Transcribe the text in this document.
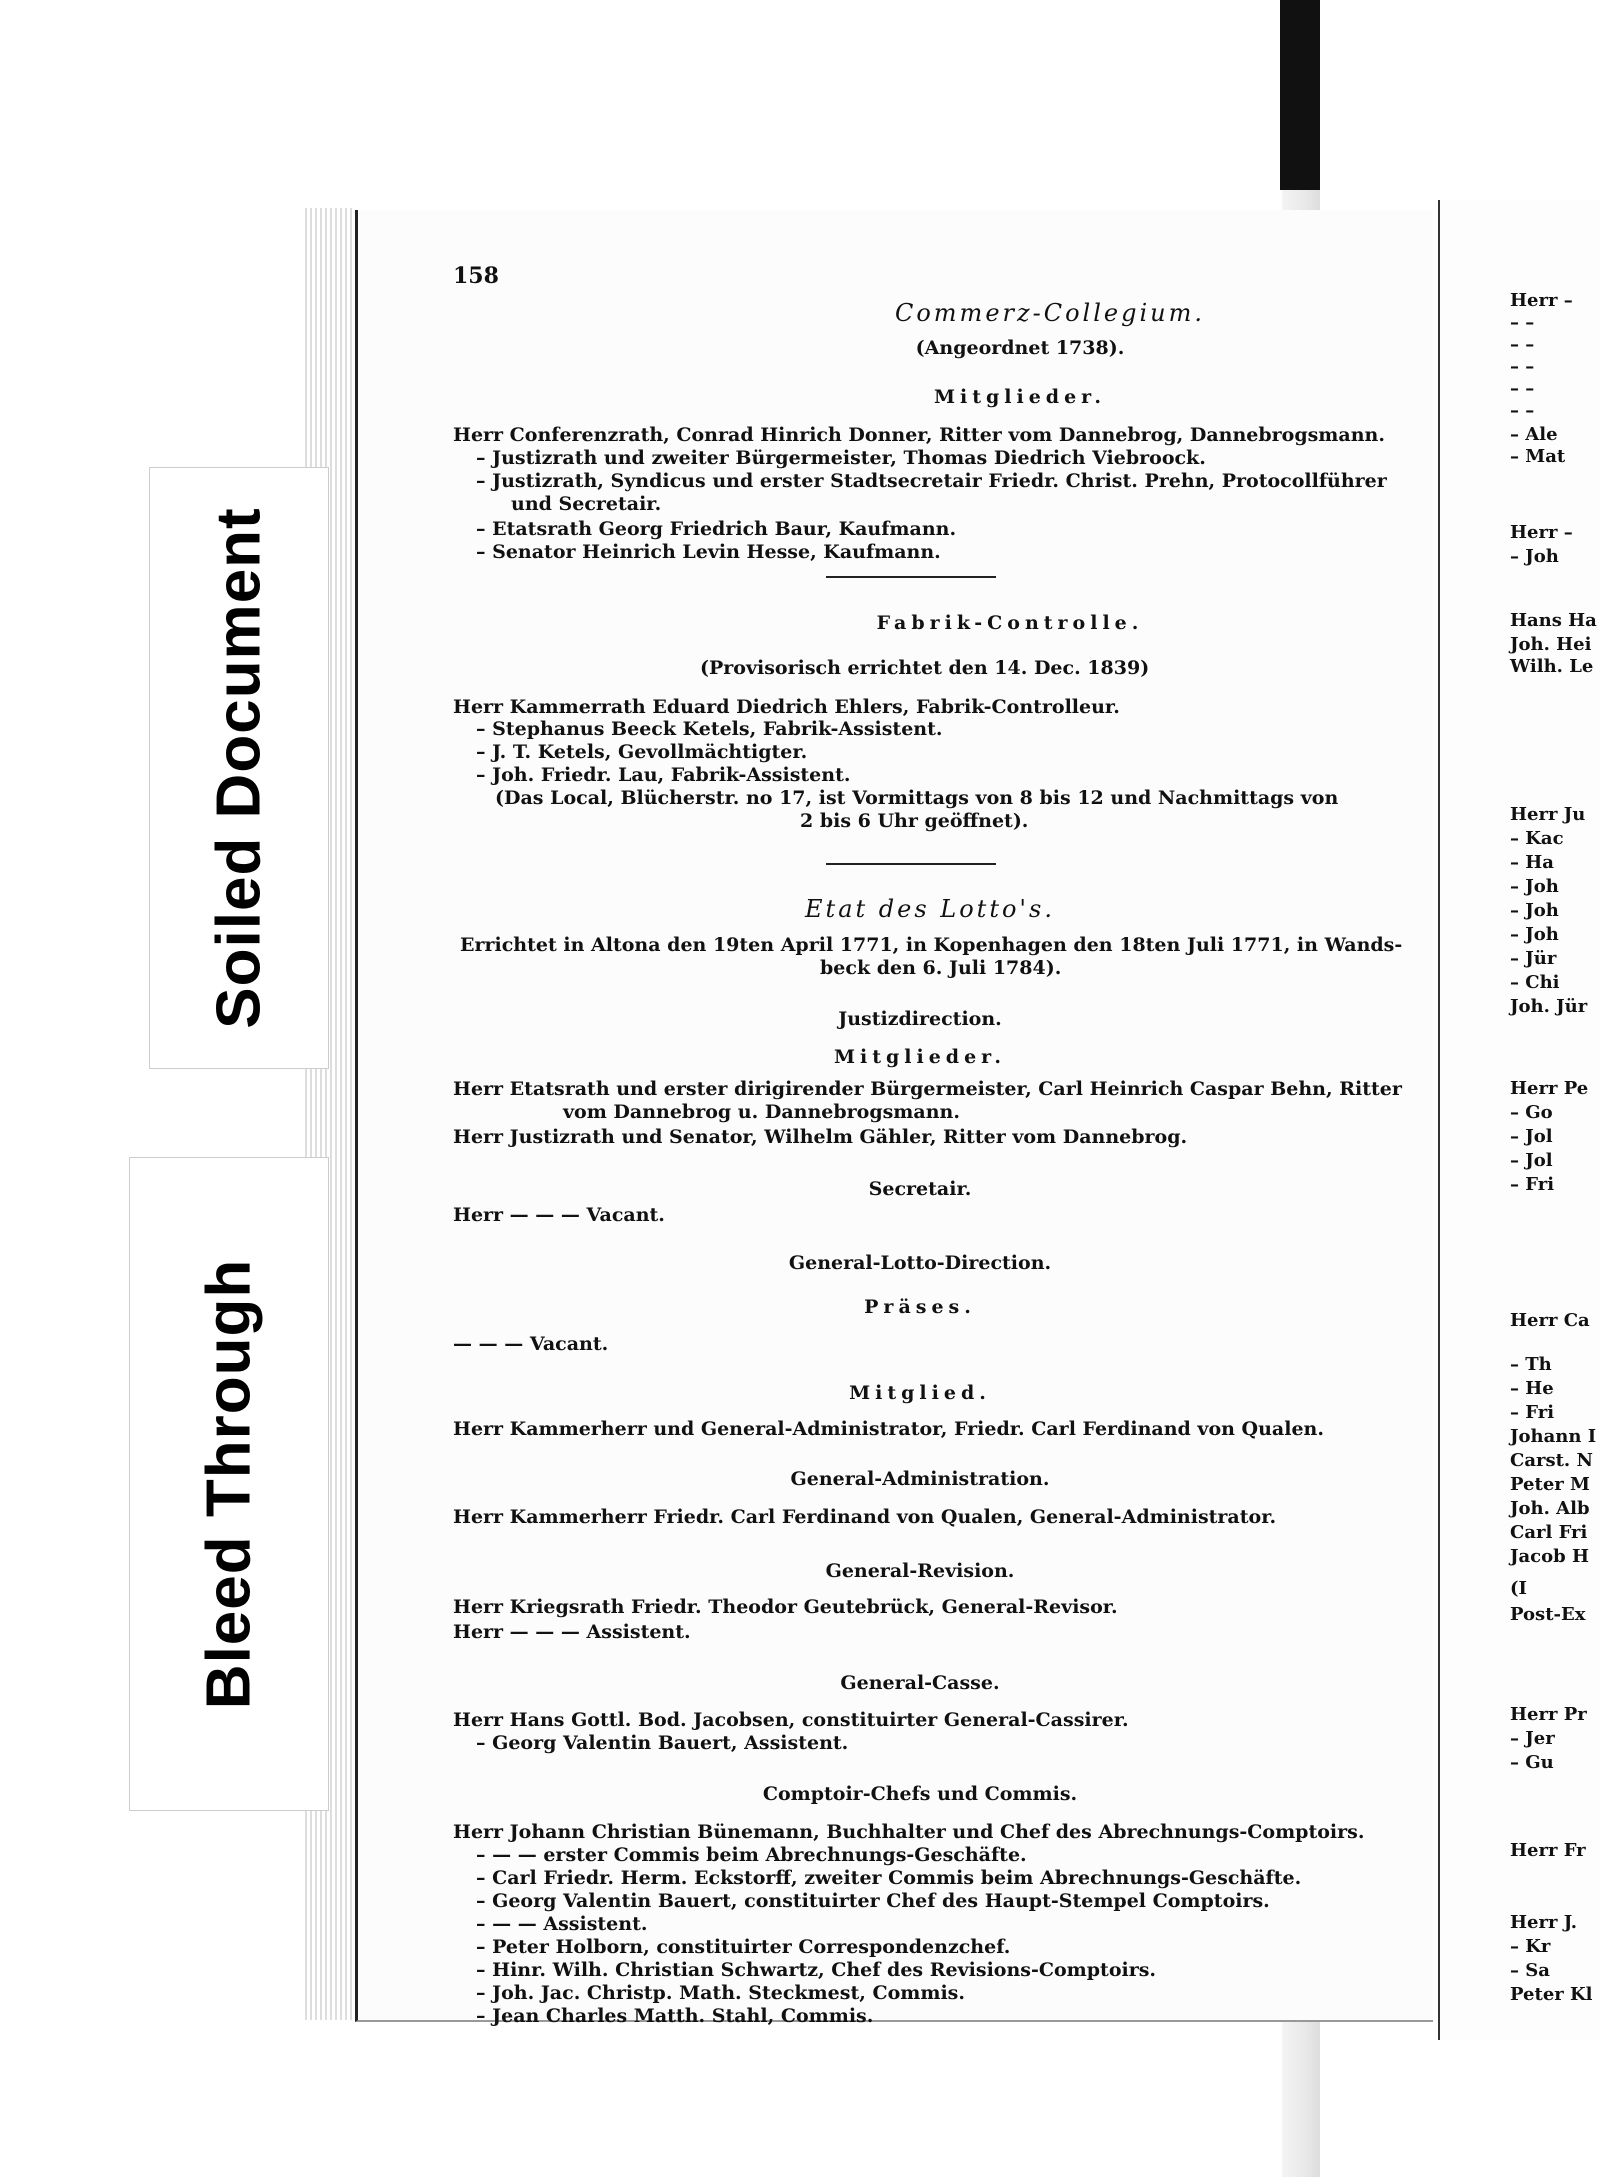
Soiled Document
Bleed Through
158
Commerz-Collegium.
(Angeordnet 1738).
Mitglieder.
Herr Conferenzrath, Conrad Hinrich Donner, Ritter vom Dannebrog, Dannebrogsmann.
– Justizrath und zweiter Bürgermeister, Thomas Diedrich Viebroock.
– Justizrath, Syndicus und erster Stadtsecretair Friedr. Christ. Prehn, Protocollführer
und Secretair.
– Etatsrath Georg Friedrich Baur, Kaufmann.
– Senator Heinrich Levin Hesse, Kaufmann.
Fabrik-Controlle.
(Provisorisch errichtet den 14. Dec. 1839)
Herr Kammerrath Eduard Diedrich Ehlers, Fabrik-Controlleur.
– Stephanus Beeck Ketels, Fabrik-Assistent.
– J. T. Ketels, Gevollmächtigter.
– Joh. Friedr. Lau, Fabrik-Assistent.
(Das Local, Blücherstr. no 17, ist Vormittags von 8 bis 12 und Nachmittags von
2 bis 6 Uhr geöffnet).
Etat des Lotto's.
Errichtet in Altona den 19ten April 1771, in Kopenhagen den 18ten Juli 1771, in Wands-
beck den 6. Juli 1784).
Justizdirection.
Mitglieder.
Herr Etatsrath und erster dirigirender Bürgermeister, Carl Heinrich Caspar Behn, Ritter
vom Dannebrog u. Dannebrogsmann.
Herr Justizrath und Senator, Wilhelm Gähler, Ritter vom Dannebrog.
Secretair.
Herr — — — Vacant.
General-Lotto-Direction.
Präses.
— — — Vacant.
Mitglied.
Herr Kammerherr und General-Administrator, Friedr. Carl Ferdinand von Qualen.
General-Administration.
Herr Kammerherr Friedr. Carl Ferdinand von Qualen, General-Administrator.
General-Revision.
Herr Kriegsrath Friedr. Theodor Geutebrück, General-Revisor.
Herr — — — Assistent.
General-Casse.
Herr Hans Gottl. Bod. Jacobsen, constituirter General-Cassirer.
– Georg Valentin Bauert, Assistent.
Comptoir-Chefs und Commis.
Herr Johann Christian Bünemann, Buchhalter und Chef des Abrechnungs-Comptoirs.
– — — erster Commis beim Abrechnungs-Geschäfte.
– Carl Friedr. Herm. Eckstorff, zweiter Commis beim Abrechnungs-Geschäfte.
– Georg Valentin Bauert, constituirter Chef des Haupt-Stempel Comptoirs.
– — — Assistent.
– Peter Holborn, constituirter Correspondenzchef.
– Hinr. Wilh. Christian Schwartz, Chef des Revisions-Comptoirs.
– Joh. Jac. Christp. Math. Steckmest, Commis.
– Jean Charles Matth. Stahl, Commis.
Herr –
– –
– –
– –
– –
– –
– Ale
– Mat
Herr –
– Joh
Hans Ha
Joh. Hei
Wilh. Le
Herr Ju
– Kac
– Ha
– Joh
– Joh
– Joh
– Jür
– Chi
Joh. Jür
Herr Pe
– Go
– Jol
– Jol
– Fri
Herr Ca
– Th
– He
– Fri
Johann I
Carst. N
Peter M
Joh. Alb
Carl Fri
Jacob H
(I
Post-Ex
Herr Pr
– Jer
– Gu
Herr Fr
Herr J.
– Kr
– Sa
Peter Kl
